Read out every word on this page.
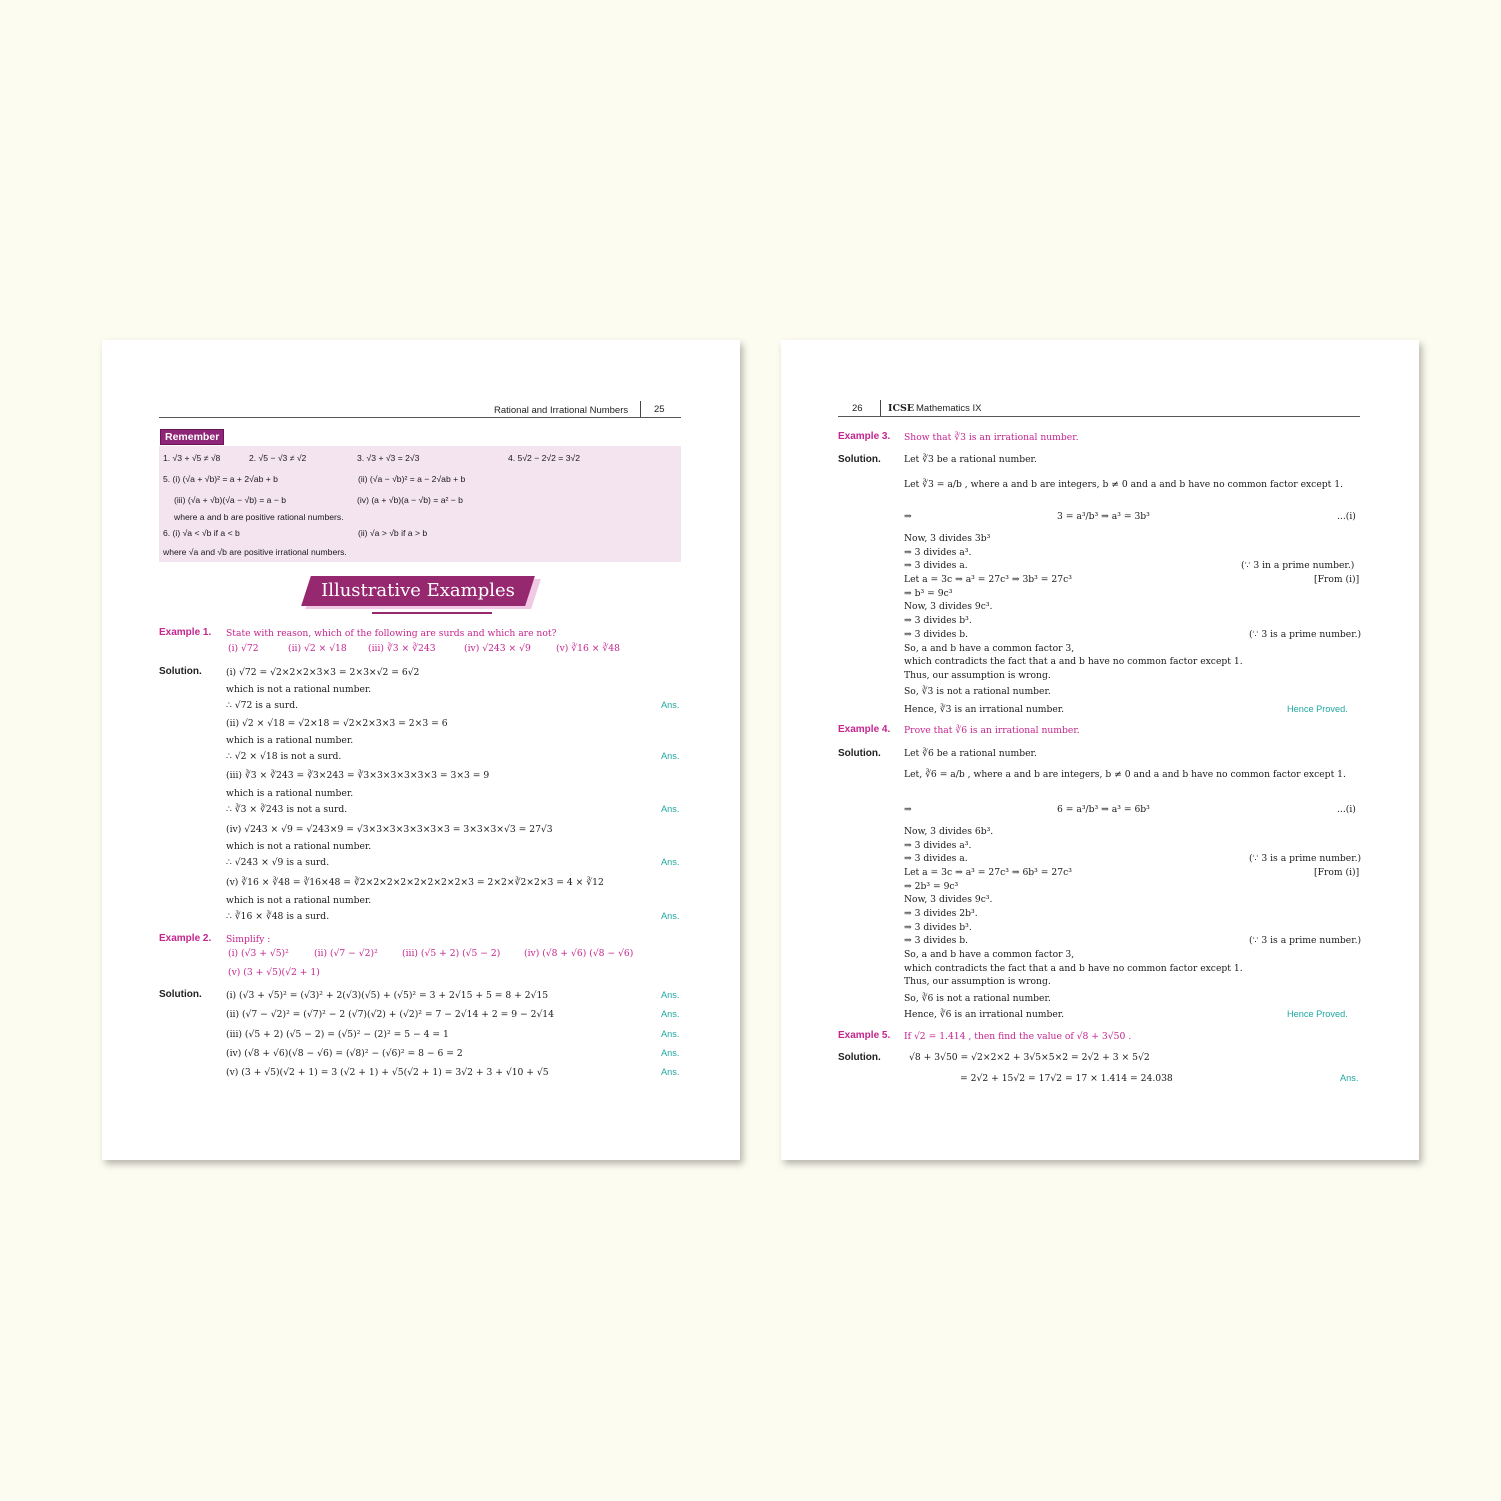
Rational and Irrational Numbers	25
Remember
1. √3 + √5 ≠ √8	2. √5 − √3 ≠ √2	3. √3 + √3 = 2√3	4. 5√2 − 2√2 = 3√2
5. (i) (√a + √b)² = a + 2√ab + b	(ii) (√a − √b)² = a − 2√ab + b
(iii) (√a + √b)(√a − √b) = a − b	(iv) (a + √b)(a − √b) = a² − b
where a and b are positive rational numbers.
6. (i) √a < √b if a < b	(ii) √a > √b if a > b
where √a and √b are positive irrational numbers.
Illustrative Examples
Example 1. State with reason, which of the following are surds and which are not?
(i) √72	(ii) √2 × √18 (iii) ∛3 × ∛243	(iv) √243 × √9	(v) ∛16 × ∛48
Solution.	(i) √72 = √2×2×2×3×3 = 2×3×√2 = 6√2
which is not a rational number.
∴ √72 is a surd.	Ans.
(ii) √2 × √18 = √2×18 = √2×2×3×3 = 2×3 = 6
which is a rational number.
∴ √2 × √18 is not a surd.	Ans.
(iii) ∛3 × ∛243 = ∛3×243 = ∛3×3×3×3×3×3 = 3×3 = 9
which is a rational number.
∴ ∛3 × ∛243 is not a surd.	Ans.
(iv) √243 × √9 = √243×9 = √3×3×3×3×3×3×3 = 3×3×3×√3 = 27√3
which is not a rational number.
∴ √243 × √9 is a surd.	Ans.
(v) ∛16 × ∛48 = ∛16×48 = ∛2×2×2×2×2×2×2×2×3 = 2×2×∛2×2×3 = 4 × ∛12
which is not a rational number.
∴ ∛16 × ∛48 is a surd.	Ans.
Example 2. Simplify :
(i) (√3 + √5)²	(ii) (√7 − √2)²	(iii) (√5 + 2) (√5 − 2)	(iv) (√8 + √6) (√8 − √6)
(v) (3 + √5)(√2 + 1)
Solution.	(i) (√3 + √5)² = (√3)² + 2(√3)(√5) + (√5)² = 3 + 2√15 + 5 = 8 + 2√15	Ans.
(ii) (√7 − √2)² = (√7)² − 2 (√7)(√2) + (√2)² = 7 − 2√14 + 2 = 9 − 2√14	Ans.
(iii) (√5 + 2) (√5 − 2) = (√5)² − (2)² = 5 − 4 = 1	Ans.
(iv) (√8 + √6)(√8 − √6) = (√8)² − (√6)² = 8 − 6 = 2	Ans.
(v) (3 + √5)(√2 + 1) = 3 (√2 + 1) + √5(√2 + 1) = 3√2 + 3 + √10 + √5	Ans.
26	ICSE Mathematics IX
Example 3. Show that ∛3 is an irrational number.
Solution.	Let ∛3 be a rational number.
Let ∛3 = a/b , where a and b are integers, b ≠ 0 and a and b have no common factor except 1.
⇒	3 = a³/b³ ⇒ a³ = 3b³	...(i)
Now, 3 divides 3b³
⇒ 3 divides a³.
⇒ 3 divides a.	(∵ 3 in a prime number.)
Let a = 3c ⇒ a³ = 27c³ ⇒ 3b³ = 27c³	[From (i)]
⇒ b³ = 9c³
Now, 3 divides 9c³.
⇒ 3 divides b³.
⇒ 3 divides b.	(∵ 3 is a prime number.)
So, a and b have a common factor 3,
which contradicts the fact that a and b have no common factor except 1.
Thus, our assumption is wrong.
So, ∛3 is not a rational number.
Hence, ∛3 is an irrational number.	Hence Proved.
Example 4. Prove that ∛6 is an irrational number.
Solution.	Let ∛6 be a rational number.
Let, ∛6 = a/b , where a and b are integers, b ≠ 0 and a and b have no common factor except 1.
⇒	6 = a³/b³ ⇒ a³ = 6b³	...(i)
Now, 3 divides 6b³.
⇒ 3 divides a³.
⇒ 3 divides a.	(∵ 3 is a prime number.)
Let a = 3c ⇒ a³ = 27c³ ⇒ 6b³ = 27c³	[From (i)]
⇒ 2b³ = 9c³
Now, 3 divides 9c³.
⇒ 3 divides 2b³.
⇒ 3 divides b³.
⇒ 3 divides b.	(∵ 3 is a prime number.)
So, a and b have a common factor 3,
which contradicts the fact that a and b have no common factor except 1.
Thus, our assumption is wrong.
So, ∛6 is not a rational number.
Hence, ∛6 is an irrational number.	Hence Proved.
Example 5. If √2 = 1.414 , then find the value of √8 + 3√50 .
Solution.	√8 + 3√50 = √2×2×2 + 3√5×5×2 = 2√2 + 3 × 5√2
= 2√2 + 15√2 = 17√2 = 17 × 1.414 = 24.038	Ans.
